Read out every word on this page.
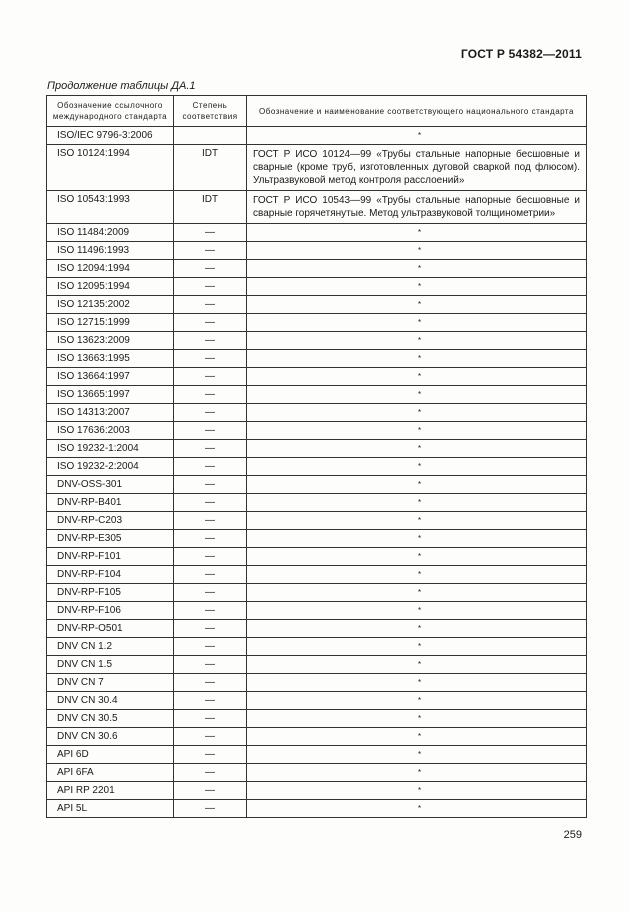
ГОСТ Р 54382—2011
Продолжение таблицы ДА.1
Обозначение ссылочного международного стандарта	Степень соответствия	Обозначение и наименование соответствующего национального стандарта
ISO/IEC 9796-3:2006		*
ISO 10124:1994	IDT	ГОСТ Р ИСО 10124—99 «Трубы стальные напорные бесшовные и сварные (кроме труб, изготовленных дуговой сваркой под флюсом). Ультразвуковой метод контроля расслоений»
ISO 10543:1993	IDT	ГОСТ Р ИСО 10543—99 «Трубы стальные напорные бесшовные и сварные горячетянутые. Метод ультразвуковой толщинометрии»
ISO 11484:2009	—	*
ISO 11496:1993	—	*
ISO 12094:1994	—	*
ISO 12095:1994	—	*
ISO 12135:2002	—	*
ISO 12715:1999	—	*
ISO 13623:2009	—	*
ISO 13663:1995	—	*
ISO 13664:1997	—	*
ISO 13665:1997	—	*
ISO 14313:2007	—	*
ISO 17636:2003	—	*
ISO 19232-1:2004	—	*
ISO 19232-2:2004	—	*
DNV-OSS-301	—	*
DNV-RP-B401	—	*
DNV-RP-C203	—	*
DNV-RP-E305	—	*
DNV-RP-F101	—	*
DNV-RP-F104	—	*
DNV-RP-F105	—	*
DNV-RP-F106	—	*
DNV-RP-O501	—	*
DNV CN 1.2	—	*
DNV CN 1.5	—	*
DNV CN 7	—	*
DNV CN 30.4	—	*
DNV CN 30.5	—	*
DNV CN 30.6	—	*
API 6D	—	*
API 6FA	—	*
API RP 2201	—	*
API 5L	—	*
259
